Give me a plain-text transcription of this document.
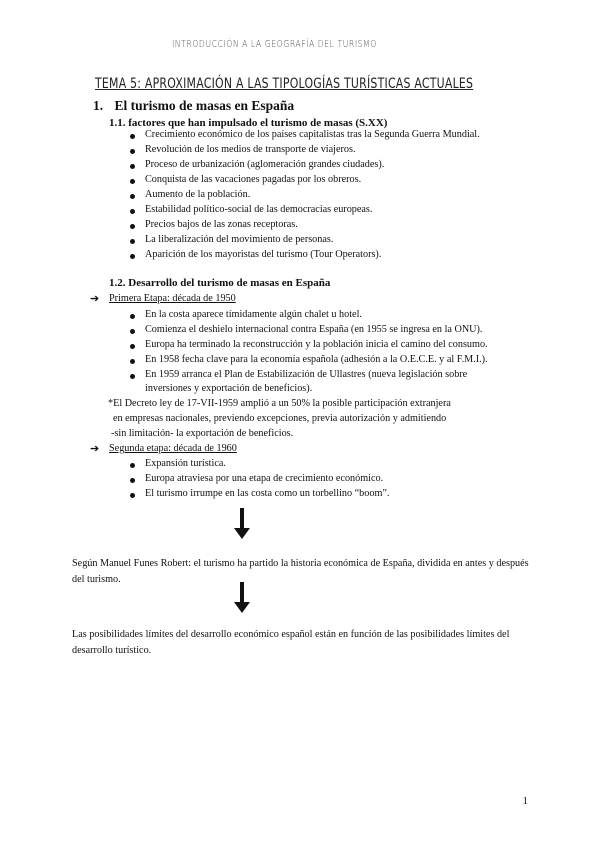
INTRODUCCIÓN A LA GEOGRAFÍA DEL TURISMO
TEMA 5: APROXIMACIÓN A LAS TIPOLOGÍAS TURÍSTICAS ACTUALES
1. El turismo de masas en España
1.1. factores que han impulsado el turismo de masas (S.XX)
Crecimiento económico de los países capitalistas tras la Segunda Guerra Mundial.
Revolución de los medios de transporte de viajeros.
Proceso de urbanización (aglomeración grandes ciudades).
Conquista de las vacaciones pagadas por los obreros.
Aumento de la población.
Estabilidad político-social de las democracias europeas.
Precios bajos de las zonas receptoras.
La liberalización del movimiento de personas.
Aparición de los mayoristas del turismo (Tour Operators).
1.2. Desarrollo del turismo de masas en España
➔ Primera Etapa: década de 1950
En la costa aparece tímidamente algún chalet u hotel.
Comienza el deshielo internacional contra España (en 1955 se ingresa en la ONU).
Europa ha terminado la reconstrucción y la población inicia el camino del consumo.
En 1958 fecha clave para la economía española (adhesión a la O.E.C.E. y al F.M.I.).
En 1959 arranca el Plan de Estabilización de Ullastres (nueva legislación sobre
inversiones y exportación de beneficios).
*El Decreto ley de 17-VII-1959 amplió a un 50% la posible participación extranjera
en empresas nacionales, previendo excepciones, previa autorización y admitiendo
-sin limitación- la exportación de beneficios.
➔ Segunda etapa: década de 1960
Expansión turística.
Europa atraviesa por una etapa de crecimiento económico.
El turismo irrumpe en las costa como un torbellino “boom”.
Según Manuel Funes Robert: el turismo ha partido la historia económica de España, dividida en antes y después del turismo.
Las posibilidades límites del desarrollo económico español están en función de las posibilidades límites del desarrollo turístico.
1
